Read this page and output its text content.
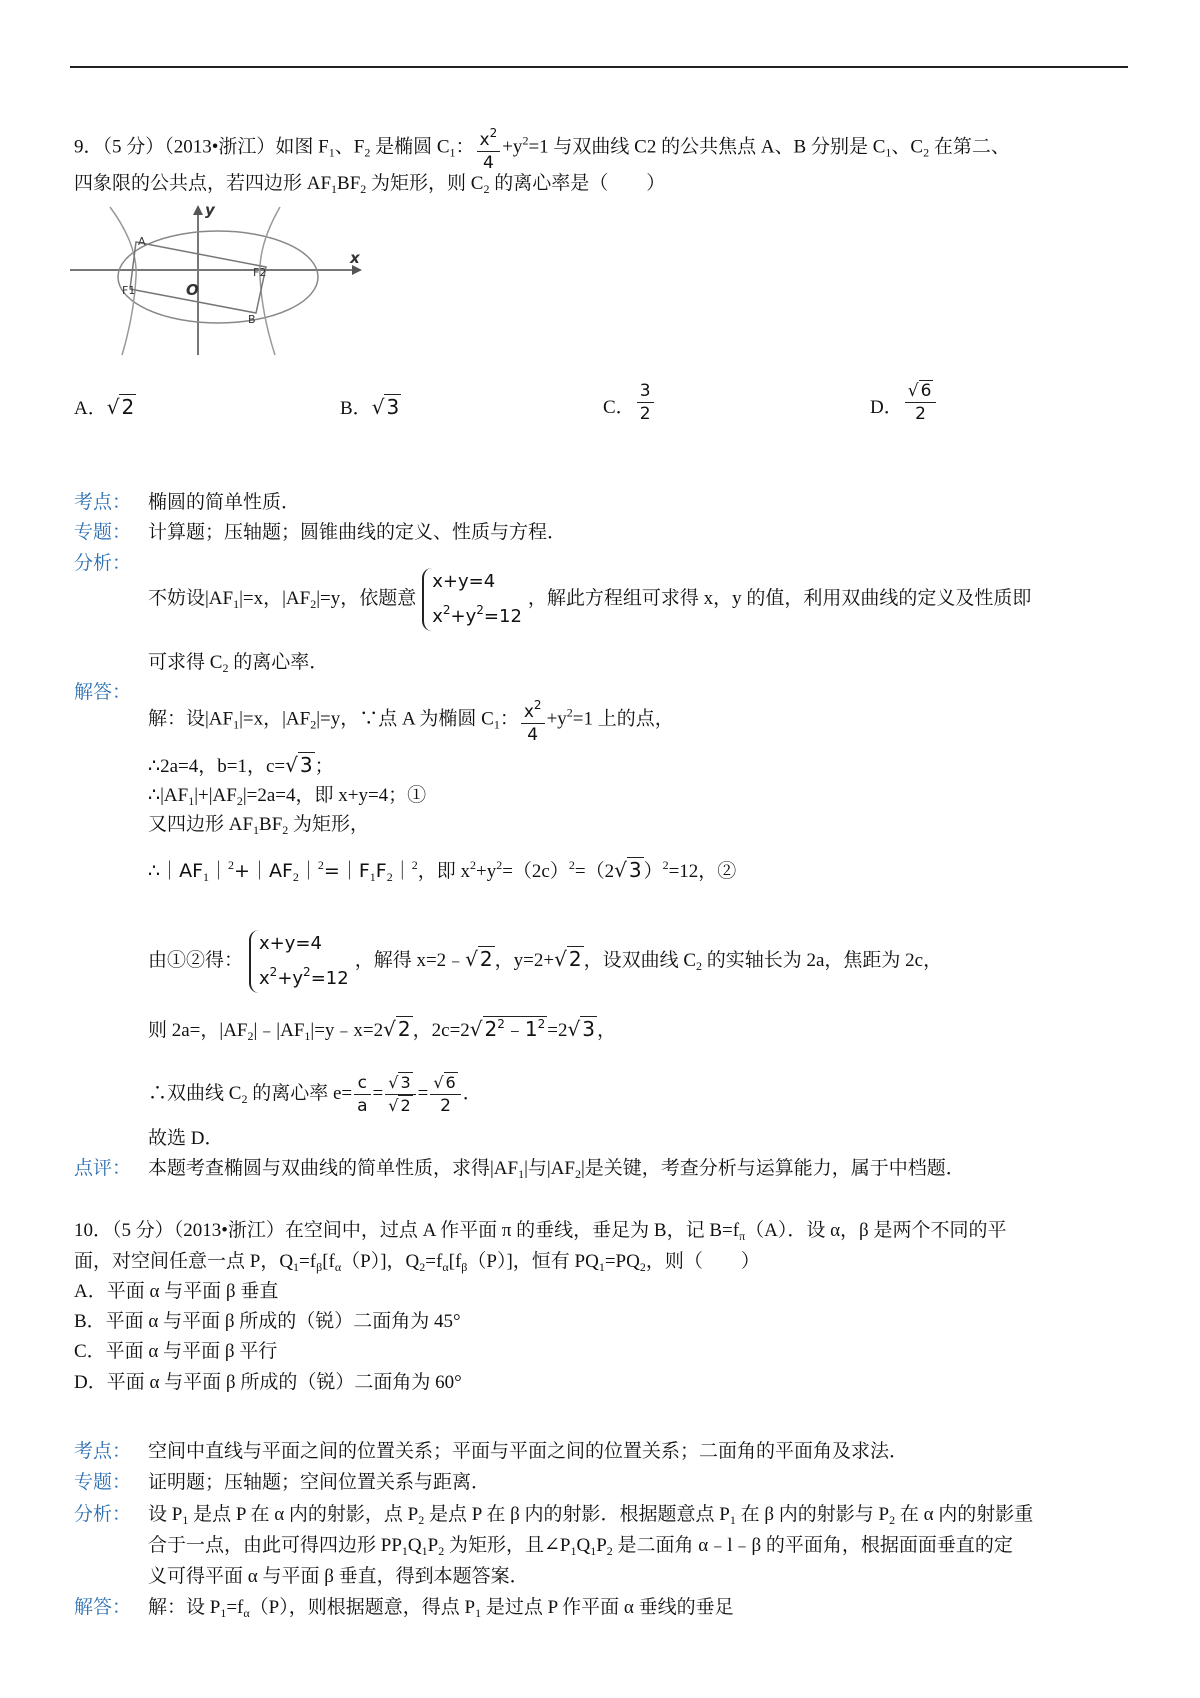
9．（5 分）（2013•浙江）如图 $F_1$、$F_2$ 是椭圆 $C_1$： $\frac{x^2}{4} +y^2=1$ 与双曲线 C2 的公共焦点 A、B 分别是 $C_1$、$C_2$ 在第二、
四象限的公共点，若四边形 $AF_1BF_2$ 为矩形，则 $C_2$ 的离心率是（　　）
A
F1
F2
B
O
y
x
A．√ 2	B．√ 3	C． $\frac{3}{2}$	D． $\frac{√ 6}{2}$
考点： 椭圆的简单性质．
专题： 计算题；压轴题；圆锥曲线的定义、性质与方程．
分析：
不妨设$|AF_1|=x$，$|AF_2|=y$，依题意
x+y=4
$x^2+y^2=12$
，解此方程组可求得 x，y 的值，利用双曲线的定义及性质即
可求得 $C_2$ 的离心率．
解答：
解：设$|AF_1|=x$，$|AF_2|=y$，∵点 A 为椭圆 $C_1$： $\frac{x^2}{4} +y^2=1$ 上的点，
∴2a=4，b=1，c=√ 3 ；
$\therefore|AF_1|+|AF_2|=2a=4$，即 x+y=4；①
又四边形 $AF_1BF_2$ 为矩形，
$\therefore|AF_1|^2+|AF_2|^2=|F_1F_2|^2$，即 $x^2+y^2=(2c)^2=(2√$ 3 ）$^2$=12，②
由①②得：
x+y=4
$x^2+y^2=12$
，解得 x=2﹣√ 2 ，y=2+√ 2 ，设双曲线 $C_2$ 的实轴长为 2a，焦距为 2c，
则 2a=，$|AF_2|﹣|AF_1|=y﹣x=2√$ 2 ，2c=2√ $2^2﹣1^2 =2√$ 3 ，
∴双曲线 $C_2$ 的离心率 $e= \frac{c}{a} = \frac{√ 3}{√ 2} = \frac{√ 6}{2}$ ．
故选 D．
点评： 本题考查椭圆与双曲线的简单性质，求得$|AF_1|$与$|AF_2|$是关键，考查分析与运算能力，属于中档题．
10．（5 分）（2013•浙江）在空间中，过点 A 作平面 π 的垂线，垂足为 B，记 $B=f_\pi(A)$．设 α，β 是两个不同的平
面，对空间任意一点 P，$Q_1=f_\beta[f_\alpha(P)]$，$Q_2=f_\alpha[f_\beta(P)]$，恒有 $PQ_1=PQ_2$，则（　　）
A．平面 α 与平面 β 垂直
B．平面 α 与平面 β 所成的（锐）二面角为 45°
C．平面 α 与平面 β 平行
D．平面 α 与平面 β 所成的（锐）二面角为 60°
考点： 空间中直线与平面之间的位置关系；平面与平面之间的位置关系；二面角的平面角及求法．
专题： 证明题；压轴题；空间位置关系与距离．
分析： 设 $P_1$ 是点 P 在 α 内的射影，点 $P_2$ 是点 P 在 β 内的射影．根据题意点 $P_1$ 在 β 内的射影与 $P_2$ 在 α 内的射影重
合于一点，由此可得四边形 $PP_1Q_1P_2$ 为矩形，且$\angle P_1Q_1P_2$ 是二面角 α﹣l﹣β 的平面角，根据面面垂直的定
义可得平面 α 与平面 β 垂直，得到本题答案．
解答： 解：设 $P_1=f_\alpha(P)$，则根据题意，得点 $P_1$ 是过点 P 作平面 α 垂线的垂足
